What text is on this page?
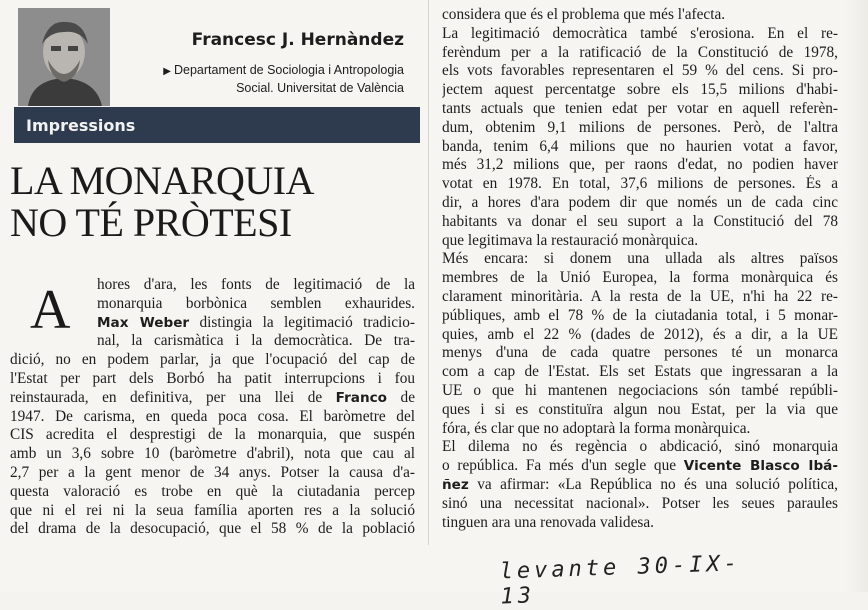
Francesc J. Hernàndez
▶ Departament de Sociologia i Antropologia
Social. Universitat de València
Impressions
LA MONARQUIA
NO TÉ PRÒTESI
A hores d'ara, les fonts de legitimació de la
monarquia borbònica semblen exhaurides.
Max Weber distingia la legitimació tradicio-
nal, la carismàtica i la democràtica. De tra-
dició, no en podem parlar, ja que l'ocupació del cap de
l'Estat per part dels Borbó ha patit interrupcions i fou
reinstaurada, en definitiva, per una llei de Franco de
1947. De carisma, en queda poca cosa. El baròmetre del
CIS acredita el desprestigi de la monarquia, que suspén
amb un 3,6 sobre 10 (baròmetre d'abril), nota que cau al
2,7 per a la gent menor de 34 anys. Potser la causa d'a-
questa valoració es trobe en què la ciutadania percep
que ni el rei ni la seua família aporten res a la solució
del drama de la desocupació, que el 58 % de la població
considera que és el problema que més l'afecta.
La legitimació democràtica també s'erosiona. En el re-
ferèndum per a la ratificació de la Constitució de 1978,
els vots favorables representaren el 59 % del cens. Si pro-
jectem aquest percentatge sobre els 15,5 milions d'habi-
tants actuals que tenien edat per votar en aquell referèn-
dum, obtenim 9,1 milions de persones. Però, de l'altra
banda, tenim 6,4 milions que no haurien votat a favor,
més 31,2 milions que, per raons d'edat, no podien haver
votat en 1978. En total, 37,6 milions de persones. És a
dir, a hores d'ara podem dir que només un de cada cinc
habitants va donar el seu suport a la Constitució del 78
que legitimava la restauració monàrquica.
Més encara: si donem una ullada als altres països
membres de la Unió Europea, la forma monàrquica és
clarament minoritària. A la resta de la UE, n'hi ha 22 re-
públiques, amb el 78 % de la ciutadania total, i 5 monar-
quies, amb el 22 % (dades de 2012), és a dir, a la UE
menys d'una de cada quatre persones té un monarca
com a cap de l'Estat. Els set Estats que ingressaran a la
UE o que hi mantenen negociacions són també repúbli-
ques i si es constituïra algun nou Estat, per la via que
fóra, és clar que no adoptarà la forma monàrquica.
El dilema no és regència o abdicació, sinó monarquia
o república. Fa més d'un segle que Vicente Blasco Ibá-
ñez va afirmar: «La República no és una solució política,
sinó una necessitat nacional». Potser les seues paraules
tinguen ara una renovada validesa.
levante 30-IX-13
